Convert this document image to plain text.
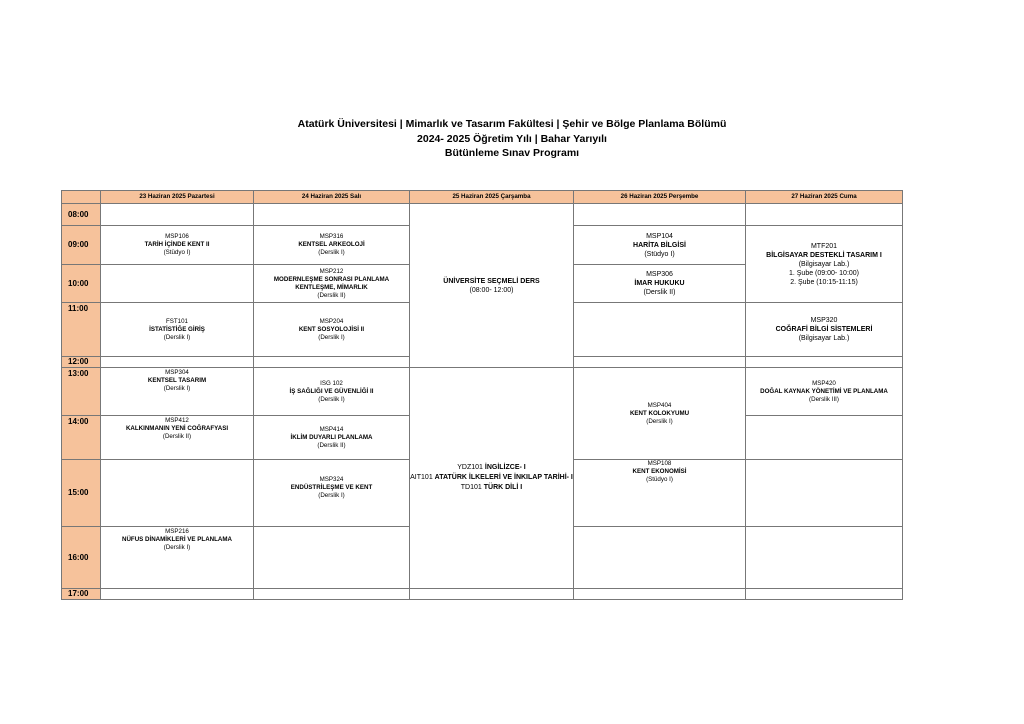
Atatürk Üniversitesi | Mimarlık ve Tasarım Fakültesi | Şehir ve Bölge Planlama Bölümü
2024- 2025 Öğretim Yılı | Bahar Yarıyılı
Bütünleme Sınav Programı
	23 Haziran 2025 Pazartesi	24 Haziran 2025 Salı	25 Haziran 2025 Çarşamba	26 Haziran 2025 Perşembe	27 Haziran 2025 Cuma
08:00			ÜNİVERSİTE SEÇMELİ DERS
(08:00- 12:00)		

09:00	MSP106
TARİH İÇİNDE KENT II
(Stüdyo I)	MSP316
KENTSEL ARKEOLOJİ
(Derslik I)		MSP104
HARİTA BİLGİSİ
(Stüdyo I)	MTF201
BİLGİSAYAR DESTEKLİ TASARIM I
(Bilgisayar Lab.)
1. Şube (09:00- 10:00)
2. Şube (10:15-11:15)

10:00		MSP212
MODERNLEŞME SONRASI PLANLAMA KENTLEŞME, MİMARLIK
(Derslik II)		MSP306
İMAR HUKUKU
(Derslik II)	

11:00	FST101
İSTATİSTİĞE GİRİŞ
(Derslik I)	MSP204
KENT SOSYOLOJİSİ II
(Derslik I)			MSP320
COĞRAFİ BİLGİ SİSTEMLERİ
(Bilgisayar Lab.)

12:00					
13:00	MSP304
KENTSEL TASARIM
(Derslik I)	ISG 102
İŞ SAĞLIĞI VE GÜVENLİĞİ II
(Derslik I)	YDZ101 İNGİLİZCE- I
AIT101 ATATÜRK İLKELERİ VE İNKILAP TARİHİ- I
TD101 TÜRK DİLİ I	MSP404
KENT KOLOKYUMU
(Derslik I)	MSP420
DOĞAL KAYNAK YÖNETİMİ VE PLANLAMA
(Derslik III)

14:00	MSP412
KALKINMANIN YENİ COĞRAFYASI
(Derslik II)	MSP414
İKLİM DUYARLI PLANLAMA
(Derslik II)			

15:00		MSP324
ENDÜSTRİLEŞME VE KENT
(Derslik I)		MSP108
KENT EKONOMİSİ
(Stüdyo I)	

16:00	MSP216
NÜFUS DİNAMİKLERİ VE PLANLAMA
(Derslik I)				

17:00					
